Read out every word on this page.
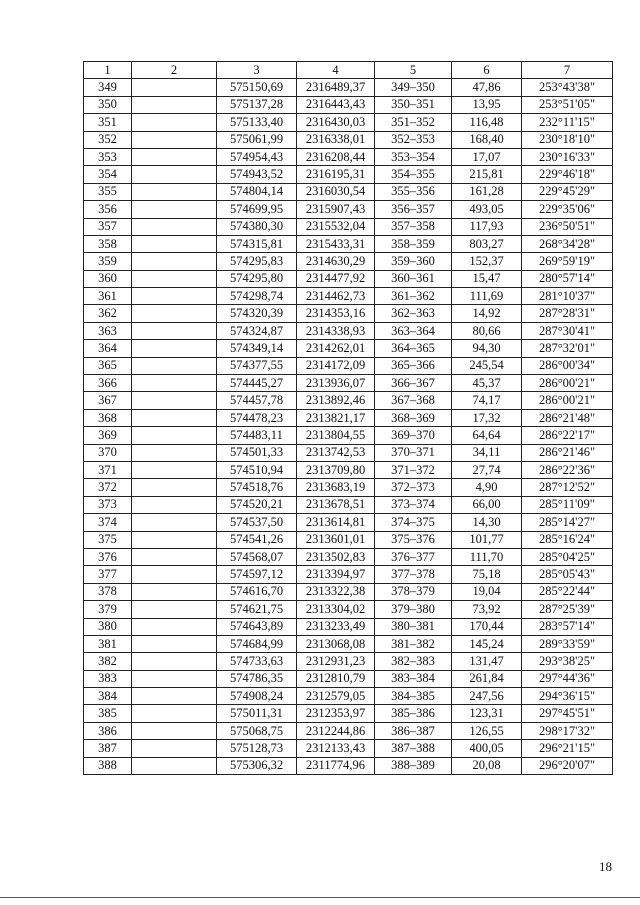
1	2	3	4	5	6	7
349		575150,69	2316489,37	349–350	47,86	253°43'38"
350		575137,28	2316443,43	350–351	13,95	253°51'05"
351		575133,40	2316430,03	351–352	116,48	232°11'15"
352		575061,99	2316338,01	352–353	168,40	230°18'10"
353		574954,43	2316208,44	353–354	17,07	230°16'33"
354		574943,52	2316195,31	354–355	215,81	229°46'18"
355		574804,14	2316030,54	355–356	161,28	229°45'29"
356		574699,95	2315907,43	356–357	493,05	229°35'06"
357		574380,30	2315532,04	357–358	117,93	236°50'51"
358		574315,81	2315433,31	358–359	803,27	268°34'28"
359		574295,83	2314630,29	359–360	152,37	269°59'19"
360		574295,80	2314477,92	360–361	15,47	280°57'14"
361		574298,74	2314462,73	361–362	111,69	281°10'37"
362		574320,39	2314353,16	362–363	14,92	287°28'31"
363		574324,87	2314338,93	363–364	80,66	287°30'41"
364		574349,14	2314262,01	364–365	94,30	287°32'01"
365		574377,55	2314172,09	365–366	245,54	286°00'34"
366		574445,27	2313936,07	366–367	45,37	286°00'21"
367		574457,78	2313892,46	367–368	74,17	286°00'21"
368		574478,23	2313821,17	368–369	17,32	286°21'48"
369		574483,11	2313804,55	369–370	64,64	286°22'17"
370		574501,33	2313742,53	370–371	34,11	286°21'46"
371		574510,94	2313709,80	371–372	27,74	286°22'36"
372		574518,76	2313683,19	372–373	4,90	287°12'52"
373		574520,21	2313678,51	373–374	66,00	285°11'09"
374		574537,50	2313614,81	374–375	14,30	285°14'27"
375		574541,26	2313601,01	375–376	101,77	285°16'24"
376		574568,07	2313502,83	376–377	111,70	285°04'25"
377		574597,12	2313394,97	377–378	75,18	285°05'43"
378		574616,70	2313322,38	378–379	19,04	285°22'44"
379		574621,75	2313304,02	379–380	73,92	287°25'39"
380		574643,89	2313233,49	380–381	170,44	283°57'14"
381		574684,99	2313068,08	381–382	145,24	289°33'59"
382		574733,63	2312931,23	382–383	131,47	293°38'25"
383		574786,35	2312810,79	383–384	261,84	297°44'36"
384		574908,24	2312579,05	384–385	247,56	294°36'15"
385		575011,31	2312353,97	385–386	123,31	297°45'51"
386		575068,75	2312244,86	386–387	126,55	298°17'32"
387		575128,73	2312133,43	387–388	400,05	296°21'15"
388		575306,32	2311774,96	388–389	20,08	296°20'07"
18
